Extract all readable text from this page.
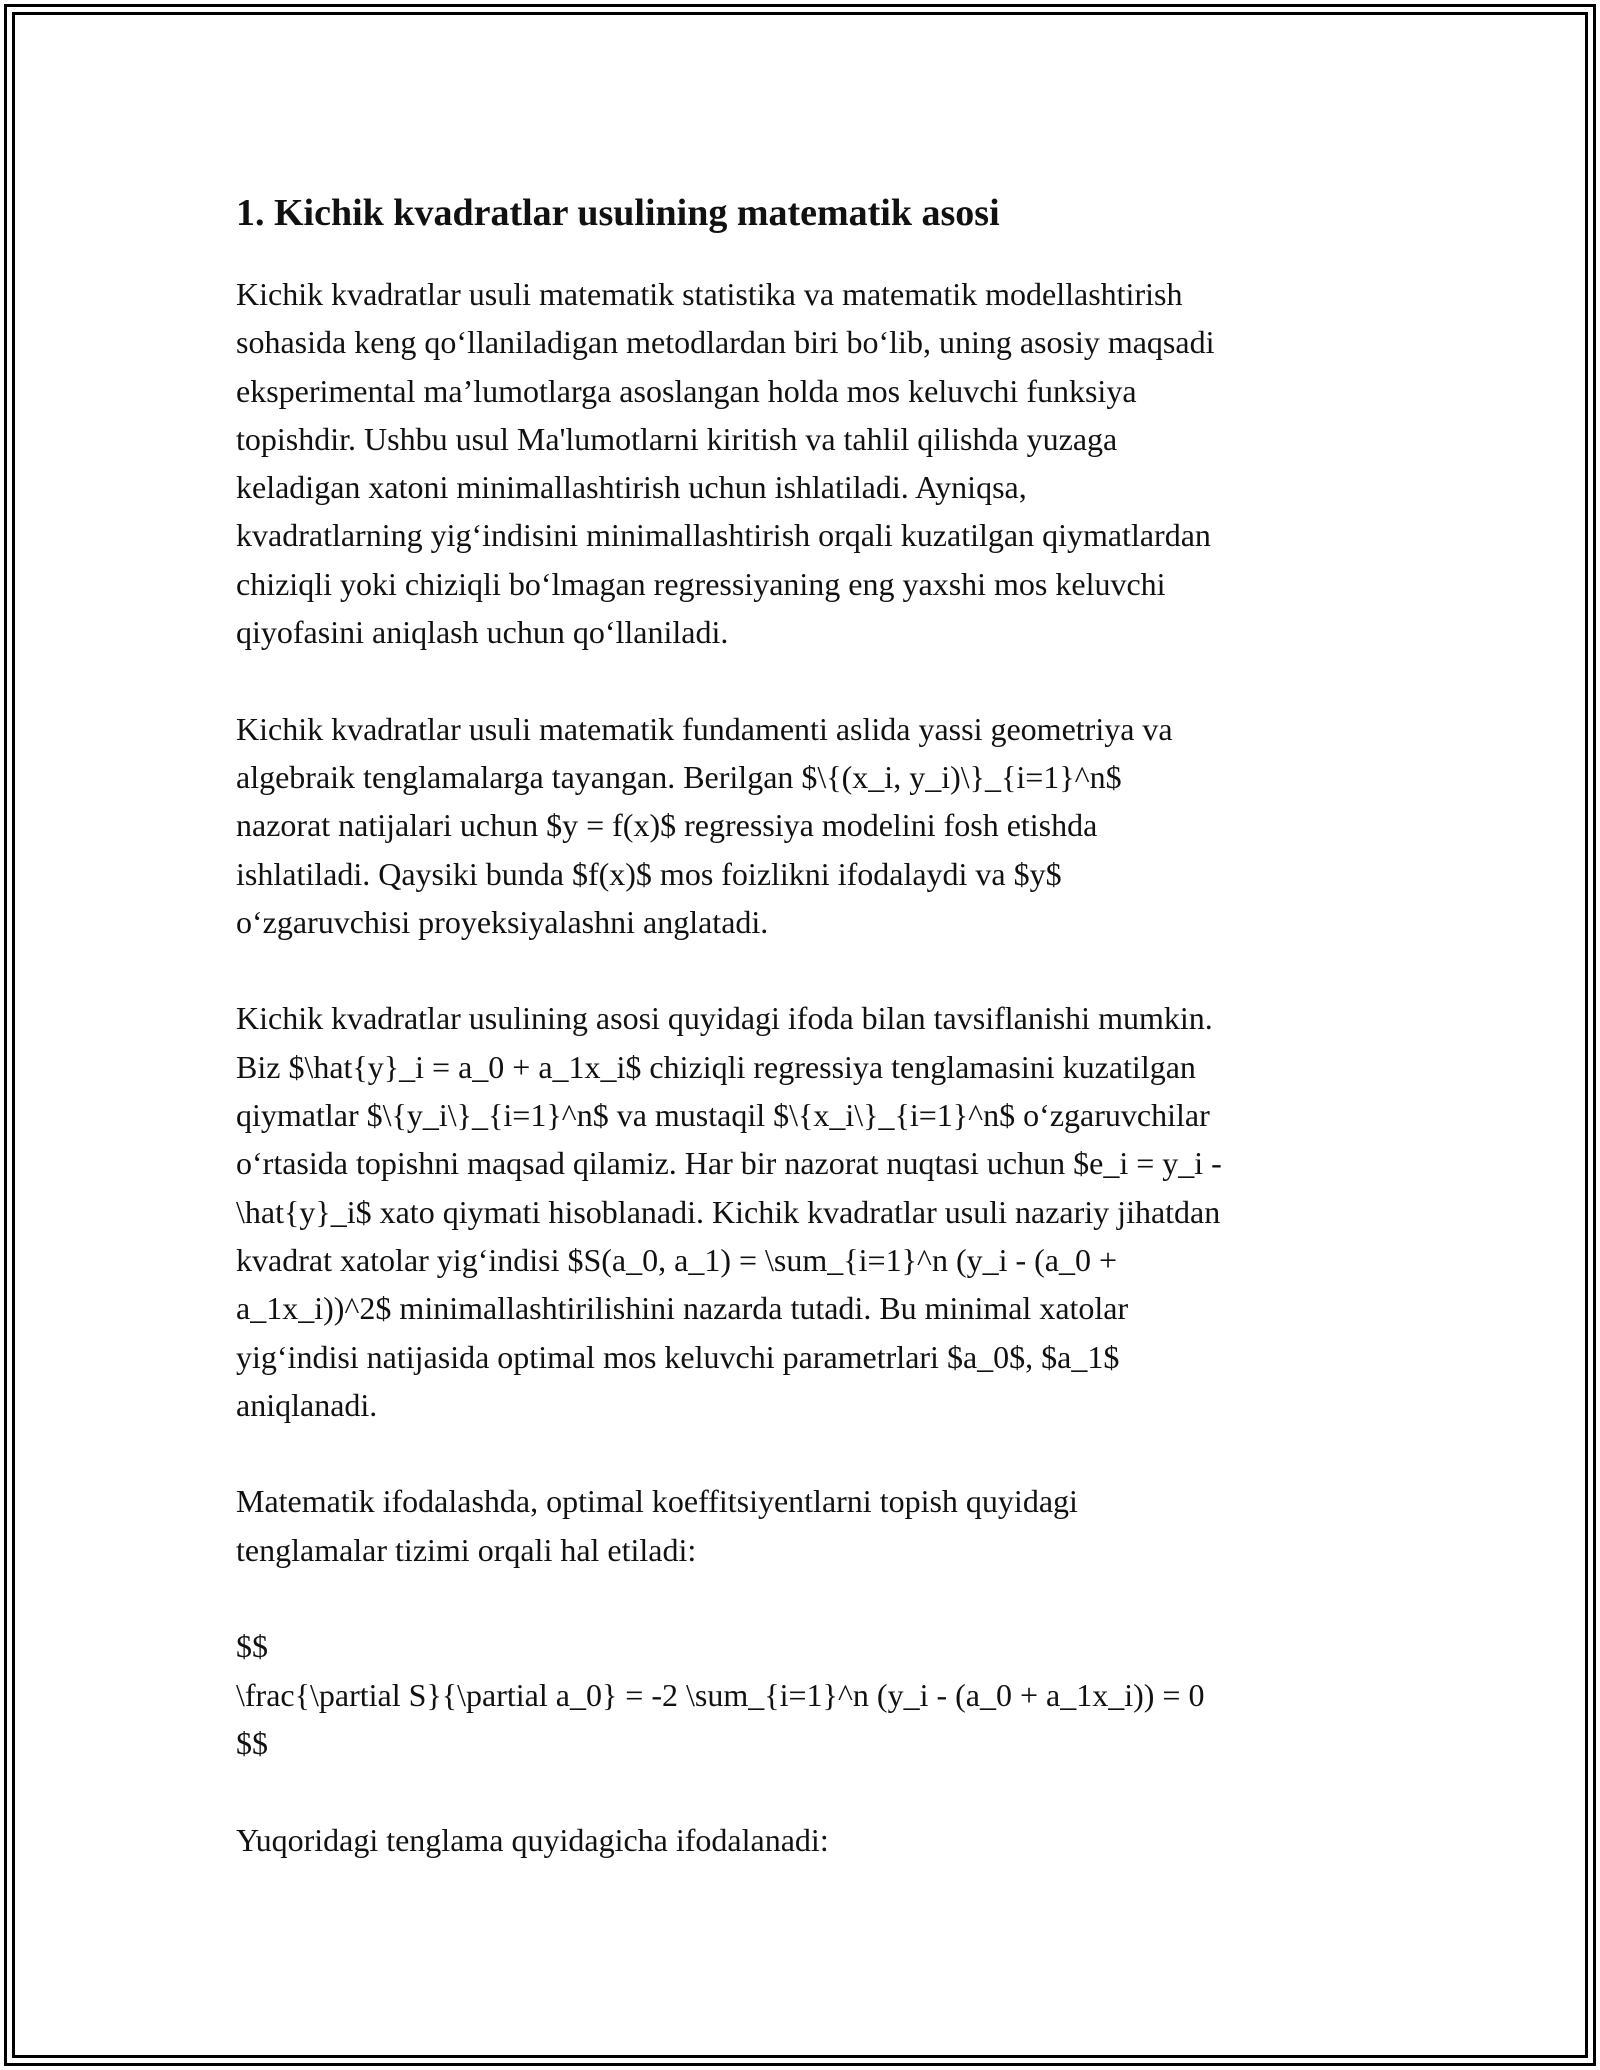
1. Kichik kvadratlar usulining matematik asosi

Kichik kvadratlar usuli matematik statistika va matematik modellashtirish

sohasida keng qo‘llaniladigan metodlardan biri bo‘lib, uning asosiy maqsadi

eksperimental ma’lumotlarga asoslangan holda mos keluvchi funksiya

topishdir. Ushbu usul Ma'lumotlarni kiritish va tahlil qilishda yuzaga

keladigan xatoni minimallashtirish uchun ishlatiladi. Ayniqsa,

kvadratlarning yig‘indisini minimallashtirish orqali kuzatilgan qiymatlardan

chiziqli yoki chiziqli bo‘lmagan regressiyaning eng yaxshi mos keluvchi

qiyofasini aniqlash uchun qo‘llaniladi.

Kichik kvadratlar usuli matematik fundamenti aslida yassi geometriya va

algebraik tenglamalarga tayangan. Berilgan $\{(x_i, y_i)\}_{i=1}^n$

nazorat natijalari uchun $y = f(x)$ regressiya modelini fosh etishda

ishlatiladi. Qaysiki bunda $f(x)$ mos foizlikni ifodalaydi va $y$

o‘zgaruvchisi proyeksiyalashni anglatadi.

Kichik kvadratlar usulining asosi quyidagi ifoda bilan tavsiflanishi mumkin.

Biz $\hat{y}_i = a_0 + a_1x_i$ chiziqli regressiya tenglamasini kuzatilgan

qiymatlar $\{y_i\}_{i=1}^n$ va mustaqil $\{x_i\}_{i=1}^n$ o‘zgaruvchilar

o‘rtasida topishni maqsad qilamiz. Har bir nazorat nuqtasi uchun $e_i = y_i -

\hat{y}_i$ xato qiymati hisoblanadi. Kichik kvadratlar usuli nazariy jihatdan

kvadrat xatolar yig‘indisi $S(a_0, a_1) = \sum_{i=1}^n (y_i - (a_0 +

a_1x_i))^2$ minimallashtirilishini nazarda tutadi. Bu minimal xatolar

yig‘indisi natijasida optimal mos keluvchi parametrlari $a_0$, $a_1$

aniqlanadi.

Matematik ifodalashda, optimal koeffitsiyentlarni topish quyidagi

tenglamalar tizimi orqali hal etiladi:

$$

\frac{\partial S}{\partial a_0} = -2 \sum_{i=1}^n (y_i - (a_0 + a_1x_i)) = 0

$$

Yuqoridagi tenglama quyidagicha ifodalanadi:
